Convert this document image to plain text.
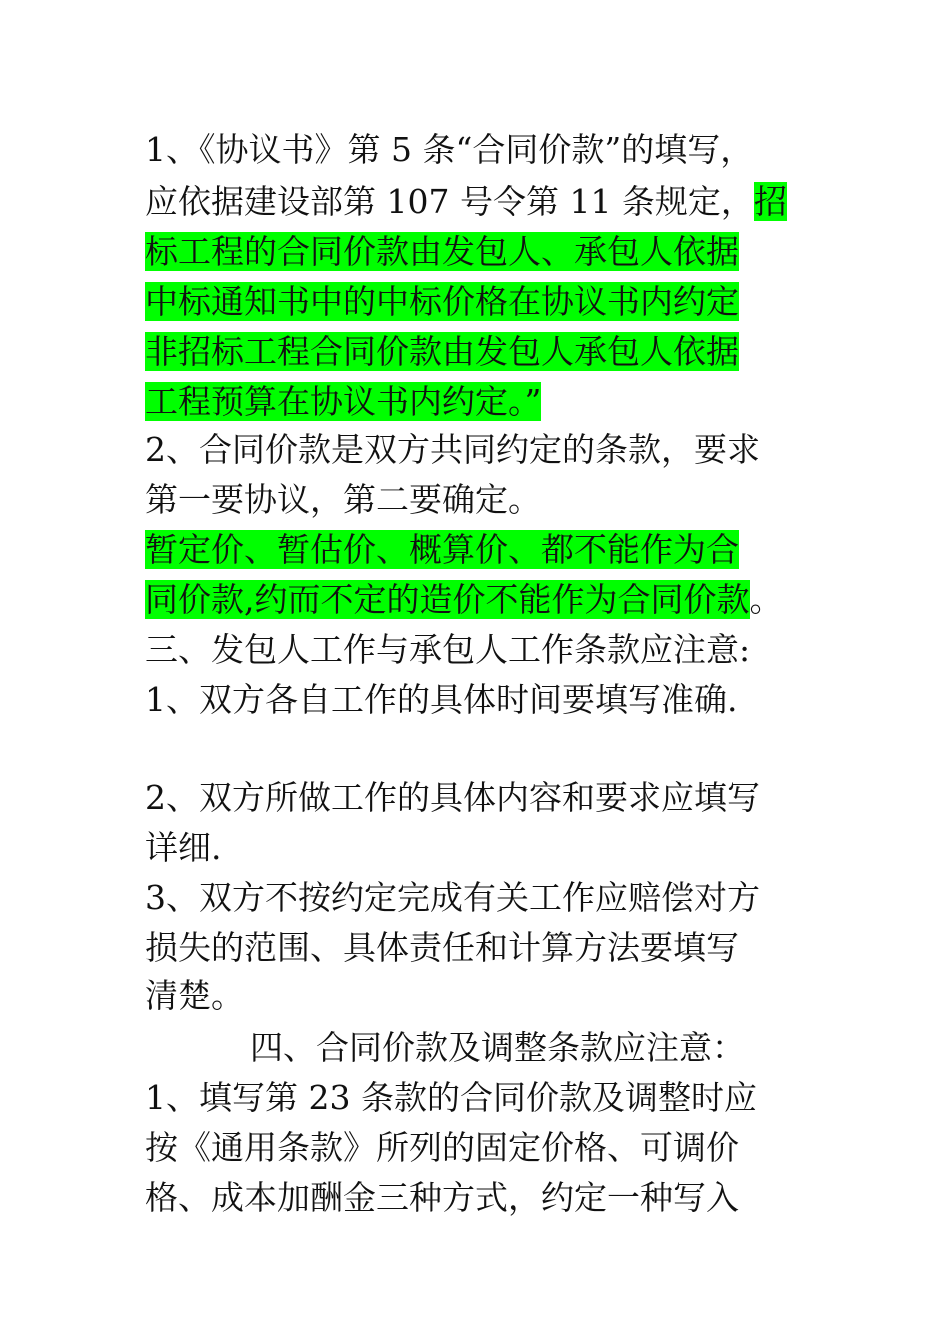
1、《协议书》第 5 条“合同价款”的填写，
应依据建设部第 107 号令第 11 条规定，招
标工程的合同价款由发包人、承包人依据
中标通知书中的中标价格在协议书内约定
非招标工程合同价款由发包人承包人依据
工程预算在协议书内约定。”
2、合同价款是双方共同约定的条款，要求
第一要协议，第二要确定。
暂定价、暂估价、概算价、都不能作为合
同价款,约而不定的造价不能作为合同价款。
三、发包人工作与承包人工作条款应注意:
1、双方各自工作的具体时间要填写准确.
2、双方所做工作的具体内容和要求应填写
详细.
3、双方不按约定完成有关工作应赔偿对方
损失的范围、具体责任和计算方法要填写
清楚。
四、合同价款及调整条款应注意：
1、填写第 23 条款的合同价款及调整时应
按《通用条款》所列的固定价格、可调价
格、成本加酬金三种方式，约定一种写入
